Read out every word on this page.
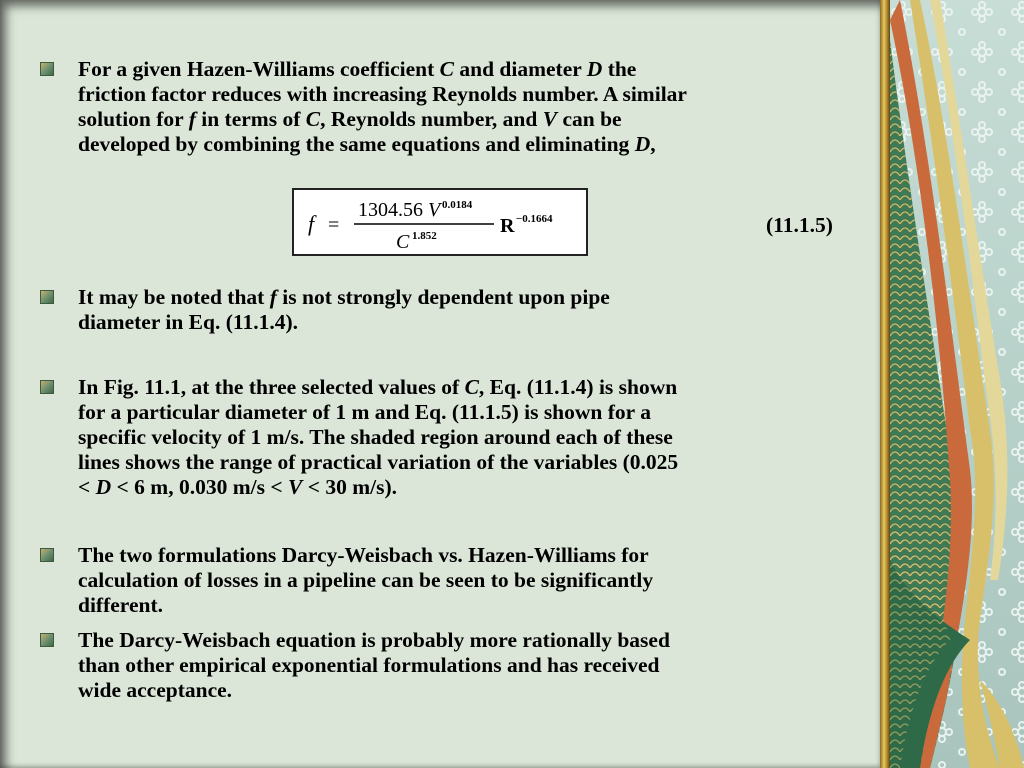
For a given Hazen-Williams coefficient C and diameter D the
friction factor reduces with increasing Reynolds number. A similar
solution for f in terms of C, Reynolds number, and V can be
developed by combining the same equations and eliminating D,
f =
1304.56 V 0.0184
C 1.852	R −0.1664	(11.1.5)
It may be noted that f is not strongly dependent upon pipe
diameter in Eq. (11.1.4).
In Fig. 11.1, at the three selected values of C, Eq. (11.1.4) is shown
for a particular diameter of 1 m and Eq. (11.1.5) is shown for a
specific velocity of 1 m/s. The shaded region around each of these
lines shows the range of practical variation of the variables (0.025
< D < 6 m, 0.030 m/s < V < 30 m/s).
The two formulations Darcy-Weisbach vs. Hazen-Williams for
calculation of losses in a pipeline can be seen to be significantly
different.
The Darcy-Weisbach equation is probably more rationally based
than other empirical exponential formulations and has received
wide acceptance.
